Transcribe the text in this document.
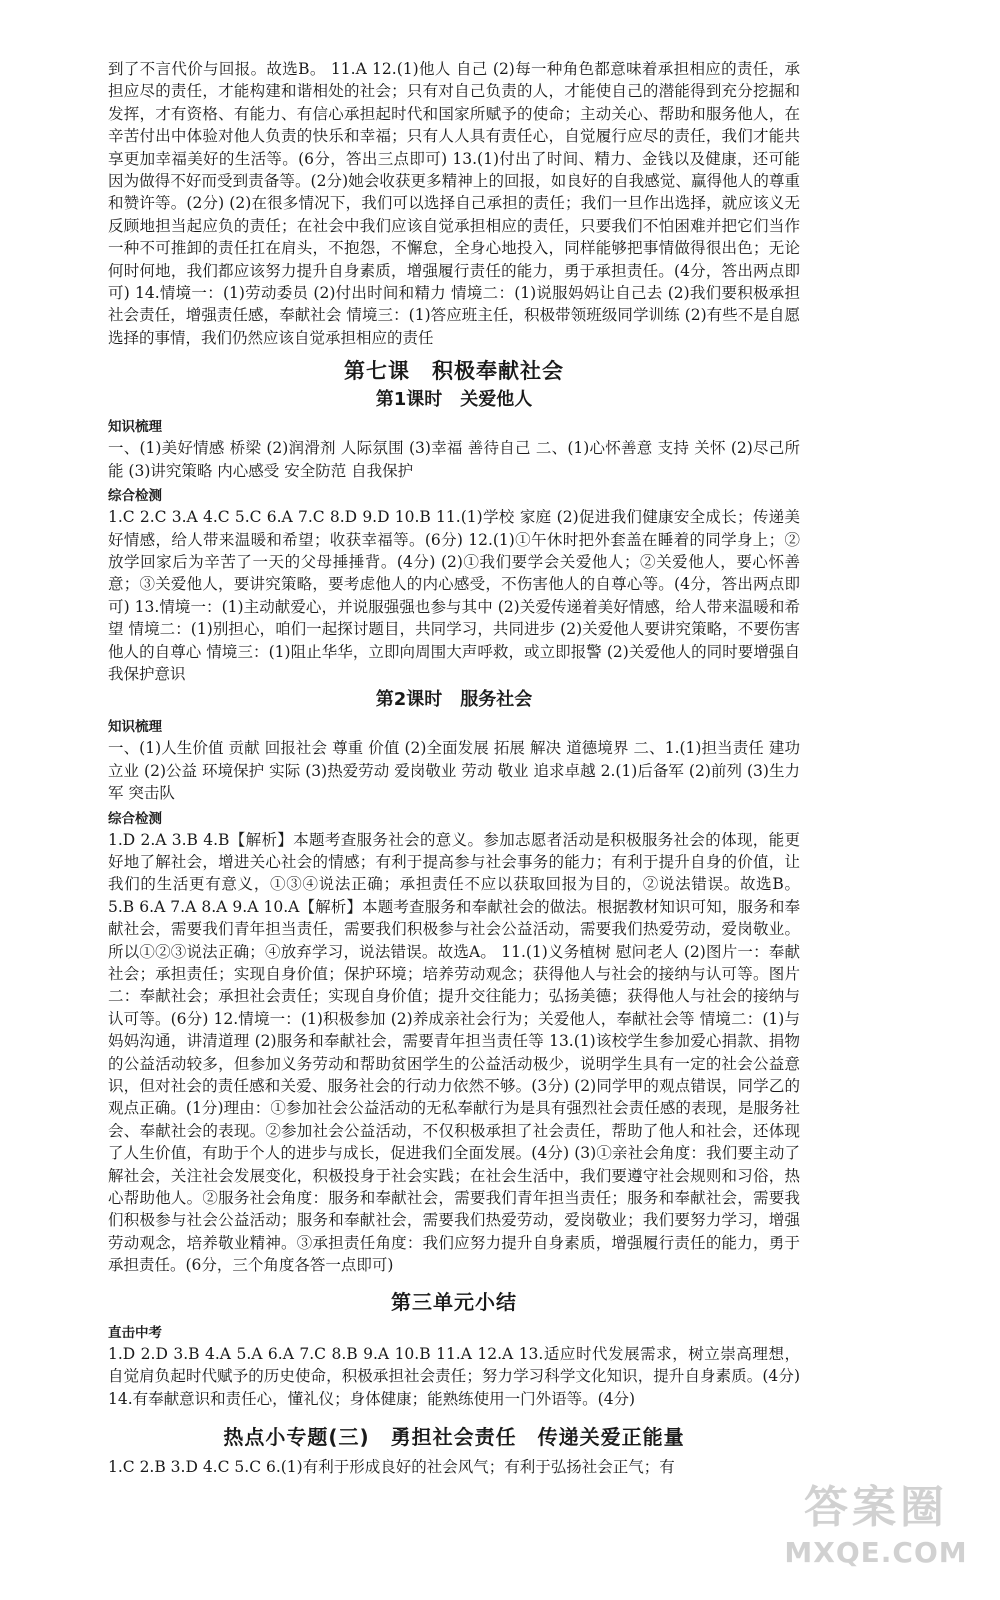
到了不言代价与回报。故选B。 11.A 12.(1)他人 自己 (2)每一种角色都意味着承担相应的责任，承担应尽的责任，才能构建和谐相处的社会；只有对自己负责的人，才能使自己的潜能得到充分挖掘和发挥，才有资格、有能力、有信心承担起时代和国家所赋予的使命；主动关心、帮助和服务他人，在辛苦付出中体验对他人负责的快乐和幸福；只有人人具有责任心，自觉履行应尽的责任，我们才能共享更加幸福美好的生活等。(6分，答出三点即可) 13.(1)付出了时间、精力、金钱以及健康，还可能因为做得不好而受到责备等。(2分)她会收获更多精神上的回报，如良好的自我感觉、赢得他人的尊重和赞许等。(2分) (2)在很多情况下，我们可以选择自己承担的责任；我们一旦作出选择，就应该义无反顾地担当起应负的责任；在社会中我们应该自觉承担相应的责任，只要我们不怕困难并把它们当作一种不可推卸的责任扛在肩头，不抱怨，不懈怠，全身心地投入，同样能够把事情做得很出色；无论何时何地，我们都应该努力提升自身素质，增强履行责任的能力，勇于承担责任。(4分，答出两点即可) 14.情境一：(1)劳动委员 (2)付出时间和精力 情境二：(1)说服妈妈让自己去 (2)我们要积极承担社会责任，增强责任感，奉献社会 情境三：(1)答应班主任，积极带领班级同学训练 (2)有些不是自愿选择的事情，我们仍然应该自觉承担相应的责任

第七课　积极奉献社会
第1课时　关爱他人
知识梳理

一、(1)美好情感 桥梁 (2)润滑剂 人际氛围 (3)幸福 善待自己 二、(1)心怀善意 支持 关怀 (2)尽己所能 (3)讲究策略 内心感受 安全防范 自我保护

综合检测

1.C 2.C 3.A 4.C 5.C 6.A 7.C 8.D 9.D 10.B 11.(1)学校 家庭 (2)促进我们健康安全成长；传递美好情感，给人带来温暖和希望；收获幸福等。(6分) 12.(1)①午休时把外套盖在睡着的同学身上；②放学回家后为辛苦了一天的父母捶捶背。(4分) (2)①我们要学会关爱他人；②关爱他人，要心怀善意；③关爱他人，要讲究策略，要考虑他人的内心感受，不伤害他人的自尊心等。(4分，答出两点即可) 13.情境一：(1)主动献爱心，并说服强强也参与其中 (2)关爱传递着美好情感，给人带来温暖和希望 情境二：(1)别担心，咱们一起探讨题目，共同学习，共同进步 (2)关爱他人要讲究策略，不要伤害他人的自尊心 情境三：(1)阻止华华，立即向周围大声呼救，或立即报警 (2)关爱他人的同时要增强自我保护意识

第2课时　服务社会
知识梳理

一、(1)人生价值 贡献 回报社会 尊重 价值 (2)全面发展 拓展 解决 道德境界 二、1.(1)担当责任 建功立业 (2)公益 环境保护 实际 (3)热爱劳动 爱岗敬业 劳动 敬业 追求卓越 2.(1)后备军 (2)前列 (3)生力军 突击队

综合检测

1.D 2.A 3.B 4.B【解析】本题考查服务社会的意义。参加志愿者活动是积极服务社会的体现，能更好地了解社会，增进关心社会的情感；有利于提高参与社会事务的能力；有利于提升自身的价值，让我们的生活更有意义，①③④说法正确；承担责任不应以获取回报为目的，②说法错误。故选B。 5.B 6.A 7.A 8.A 9.A 10.A【解析】本题考查服务和奉献社会的做法。根据教材知识可知，服务和奉献社会，需要我们青年担当责任，需要我们积极参与社会公益活动，需要我们热爱劳动，爱岗敬业。所以①②③说法正确；④放弃学习，说法错误。故选A。 11.(1)义务植树 慰问老人 (2)图片一：奉献社会；承担责任；实现自身价值；保护环境；培养劳动观念；获得他人与社会的接纳与认可等。图片二：奉献社会；承担社会责任；实现自身价值；提升交往能力；弘扬美德；获得他人与社会的接纳与认可等。(6分) 12.情境一：(1)积极参加 (2)养成亲社会行为；关爱他人，奉献社会等 情境二：(1)与妈妈沟通，讲清道理 (2)服务和奉献社会，需要青年担当责任等 13.(1)该校学生参加爱心捐款、捐物的公益活动较多，但参加义务劳动和帮助贫困学生的公益活动极少，说明学生具有一定的社会公益意识，但对社会的责任感和关爱、服务社会的行动力依然不够。(3分) (2)同学甲的观点错误，同学乙的观点正确。(1分)理由：①参加社会公益活动的无私奉献行为是具有强烈社会责任感的表现，是服务社会、奉献社会的表现。②参加社会公益活动，不仅积极承担了社会责任，帮助了他人和社会，还体现了人生价值，有助于个人的进步与成长，促进我们全面发展。(4分) (3)①亲社会角度：我们要主动了解社会，关注社会发展变化，积极投身于社会实践；在社会生活中，我们要遵守社会规则和习俗，热心帮助他人。②服务社会角度：服务和奉献社会，需要我们青年担当责任；服务和奉献社会，需要我们积极参与社会公益活动；服务和奉献社会，需要我们热爱劳动，爱岗敬业；我们要努力学习，增强劳动观念，培养敬业精神。③承担责任角度：我们应努力提升自身素质，增强履行责任的能力，勇于承担责任。(6分，三个角度各答一点即可)

第三单元小结
直击中考

1.D 2.D 3.B 4.A 5.A 6.A 7.C 8.B 9.A 10.B 11.A 12.A 13.适应时代发展需求，树立崇高理想，自觉肩负起时代赋予的历史使命，积极承担社会责任；努力学习科学文化知识，提升自身素质。(4分) 14.有奉献意识和责任心，懂礼仪；身体健康；能熟练使用一门外语等。(4分)

热点小专题(三)　勇担社会责任　传递关爱正能量

1.C 2.B 3.D 4.C 5.C 6.(1)有利于形成良好的社会风气；有利于弘扬社会正气；有

答案圈
MXQE.COM
